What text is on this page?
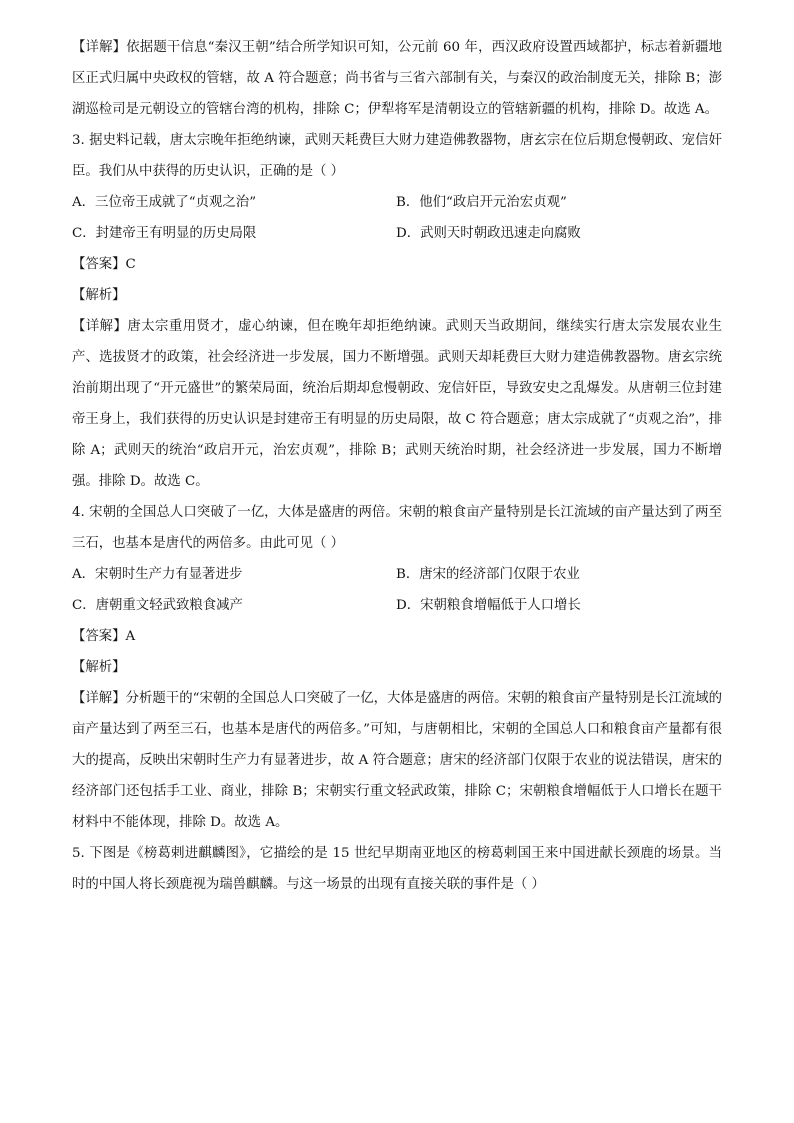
【详解】依据题干信息“秦汉王朝”结合所学知识可知，公元前 60 年，西汉政府设置西域都护，标志着新疆地区正式归属中央政权的管辖，故 A 符合题意；尚书省与三省六部制有关，与秦汉的政治制度无关，排除 B；澎湖巡检司是元朝设立的管辖台湾的机构，排除 C；伊犁将军是清朝设立的管辖新疆的机构，排除 D。故选 A。

3. 据史料记载，唐太宗晚年拒绝纳谏，武则天耗费巨大财力建造佛教器物，唐玄宗在位后期怠慢朝政、宠信奸臣。我们从中获得的历史认识，正确的是（ ）

A．三位帝王成就了“贞观之治”	B．他们“政启开元治宏贞观”
C．封建帝王有明显的历史局限	D．武则天时朝政迅速走向腐败

【答案】C

【解析】

【详解】唐太宗重用贤才，虚心纳谏，但在晚年却拒绝纳谏。武则天当政期间，继续实行唐太宗发展农业生产、选拔贤才的政策，社会经济进一步发展，国力不断增强。武则天却耗费巨大财力建造佛教器物。唐玄宗统治前期出现了“开元盛世”的繁荣局面，统治后期却怠慢朝政、宠信奸臣，导致安史之乱爆发。从唐朝三位封建帝王身上，我们获得的历史认识是封建帝王有明显的历史局限，故 C 符合题意；唐太宗成就了“贞观之治”，排除 A；武则天的统治“政启开元，治宏贞观”，排除 B；武则天统治时期，社会经济进一步发展，国力不断增强。排除 D。故选 C。

4. 宋朝的全国总人口突破了一亿，大体是盛唐的两倍。宋朝的粮食亩产量特别是长江流域的亩产量达到了两至三石，也基本是唐代的两倍多。由此可见（ ）

A．宋朝时生产力有显著进步	B．唐宋的经济部门仅限于农业
C．唐朝重文轻武致粮食减产	D．宋朝粮食增幅低于人口增长

【答案】A

【解析】

【详解】分析题干的“宋朝的全国总人口突破了一亿，大体是盛唐的两倍。宋朝的粮食亩产量特别是长江流域的亩产量达到了两至三石，也基本是唐代的两倍多。”可知，与唐朝相比，宋朝的全国总人口和粮食亩产量都有很大的提高，反映出宋朝时生产力有显著进步，故 A 符合题意；唐宋的经济部门仅限于农业的说法错误，唐宋的经济部门还包括手工业、商业，排除 B；宋朝实行重文轻武政策，排除 C；宋朝粮食增幅低于人口增长在题干材料中不能体现，排除 D。故选 A。

5. 下图是《榜葛剌进麒麟图》，它描绘的是 15 世纪早期南亚地区的榜葛剌国王来中国进献长颈鹿的场景。当时的中国人将长颈鹿视为瑞兽麒麟。与这一场景的出现有直接关联的事件是（ ）
